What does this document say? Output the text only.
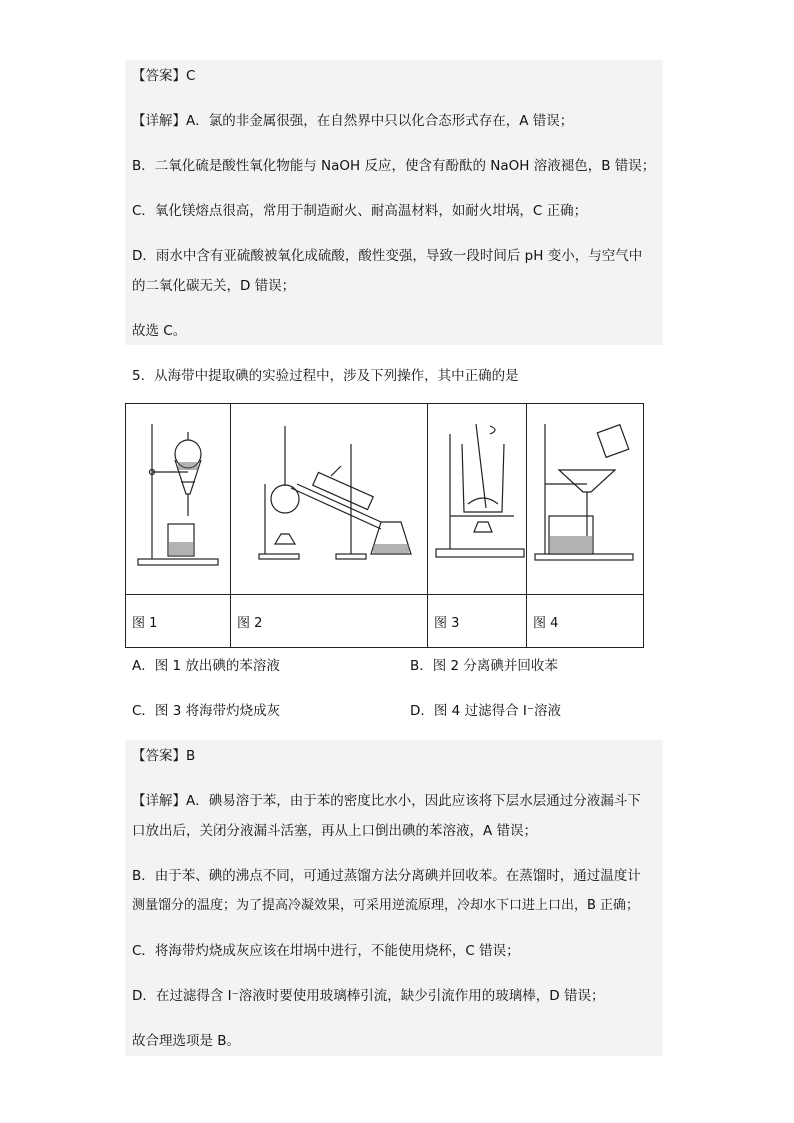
【答案】C
【详解】A．氯的非金属很强，在自然界中只以化合态形式存在，A 错误；
B．二氧化硫是酸性氧化物能与 NaOH 反应，使含有酚酞的 NaOH 溶液褪色，B 错误；
C．氧化镁熔点很高，常用于制造耐火、耐高温材料，如耐火坩埚，C 正确；
D．雨水中含有亚硫酸被氧化成硫酸，酸性变强，导致一段时间后 pH 变小，与空气中
的二氧化碳无关，D 错误；
故选 C。
5．从海带中提取碘的实验过程中，涉及下列操作，其中正确的是

图 1	图 2	图 3	图 4
A．图 1 放出碘的苯溶液	B．图 2 分离碘并回收苯
C．图 3 将海带灼烧成灰	D．图 4 过滤得合 I⁻溶液
【答案】B
【详解】A．碘易溶于苯，由于苯的密度比水小，因此应该将下层水层通过分液漏斗下
口放出后，关闭分液漏斗活塞，再从上口倒出碘的苯溶液，A 错误；
B．由于苯、碘的沸点不同，可通过蒸馏方法分离碘并回收苯。在蒸馏时，通过温度计
测量馏分的温度；为了提高冷凝效果，可采用逆流原理，冷却水下口进上口出，B 正确；
C．将海带灼烧成灰应该在坩埚中进行，不能使用烧杯，C 错误；
D．在过滤得含 I⁻溶液时要使用玻璃棒引流，缺少引流作用的玻璃棒，D 错误；
故合理选项是 B。
